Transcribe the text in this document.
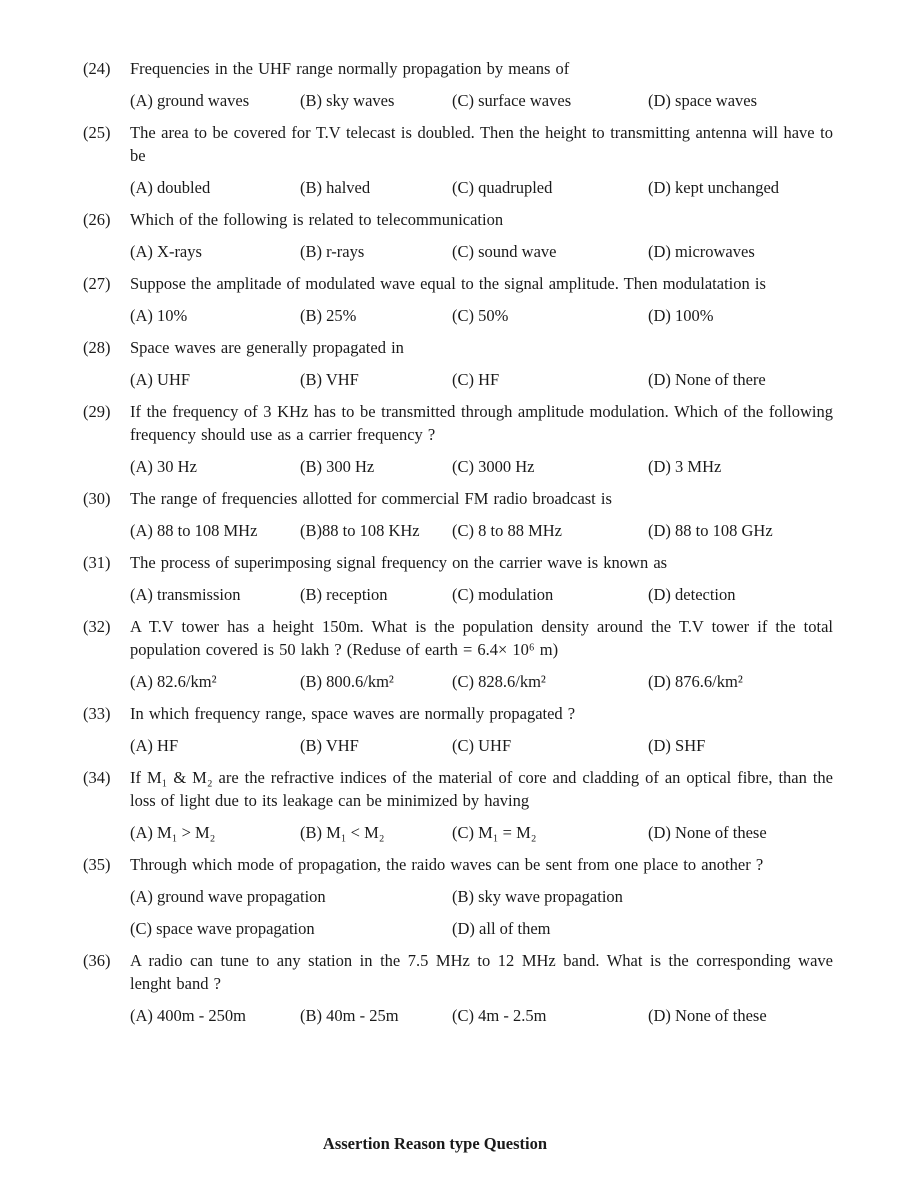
(24) Frequencies in the UHF range normally propagation by means of
(A) ground waves	(B) sky waves	(C) surface waves	(D) space waves
(25) The area to be covered for T.V telecast is doubled. Then the height to transmitting antenna will have to be
(A) doubled	(B) halved	(C) quadrupled	(D) kept unchanged
(26) Which of the following is related to telecommunication
(A) X-rays	(B) r-rays	(C) sound wave	(D) microwaves
(27) Suppose the amplitade of modulated wave equal to the signal amplitude. Then modulatation is
(A) 10%	(B) 25%	(C) 50%	(D) 100%
(28) Space waves are generally propagated in
(A) UHF	(B) VHF	(C) HF	(D) None of there
(29) If the frequency of 3 KHz has to be transmitted through amplitude modulation. Which of the following frequency should use as a carrier frequency ?
(A) 30 Hz	(B) 300 Hz	(C) 3000 Hz	(D) 3 MHz
(30) The range of frequencies allotted for commercial FM radio broadcast is
(A) 88 to 108 MHz	(B)88 to 108 KHz (C) 8 to 88 MHz	(D) 88 to 108 GHz
(31) The process of superimposing signal frequency on the carrier wave is known as
(A) transmission	(B) reception	(C) modulation	(D) detection
(32) A T.V tower has a height 150m. What is the population density around the T.V tower if the total population covered is 50 lakh ? (Reduse of earth = 6.4× 10⁶ m)
(A) 82.6/km²	(B) 800.6/km²	(C) 828.6/km²	(D) 876.6/km²
(33) In which frequency range, space waves are normally propagated ?
(A) HF	(B) VHF	(C) UHF	(D) SHF
(34) If M₁ & M₂ are the refractive indices of the material of core and cladding of an optical fibre, than the loss of light due to its leakage can be minimized by having
(A) M₁ > M₂	(B) M₁ < M₂	(C) M₁ = M₂	(D) None of these
(35) Through which mode of propagation, the raido waves can be sent from one place to another ?
(A) ground wave propagation	(B) sky wave propagation
(C) space wave propagation	(D) all of them
(36) A radio can tune to any station in the 7.5 MHz to 12 MHz band. What is the corresponding wave lenght band ?
(A) 400m - 250m	(B) 40m - 25m	(C) 4m - 2.5m	(D) None of these
Assertion Reason type Question
